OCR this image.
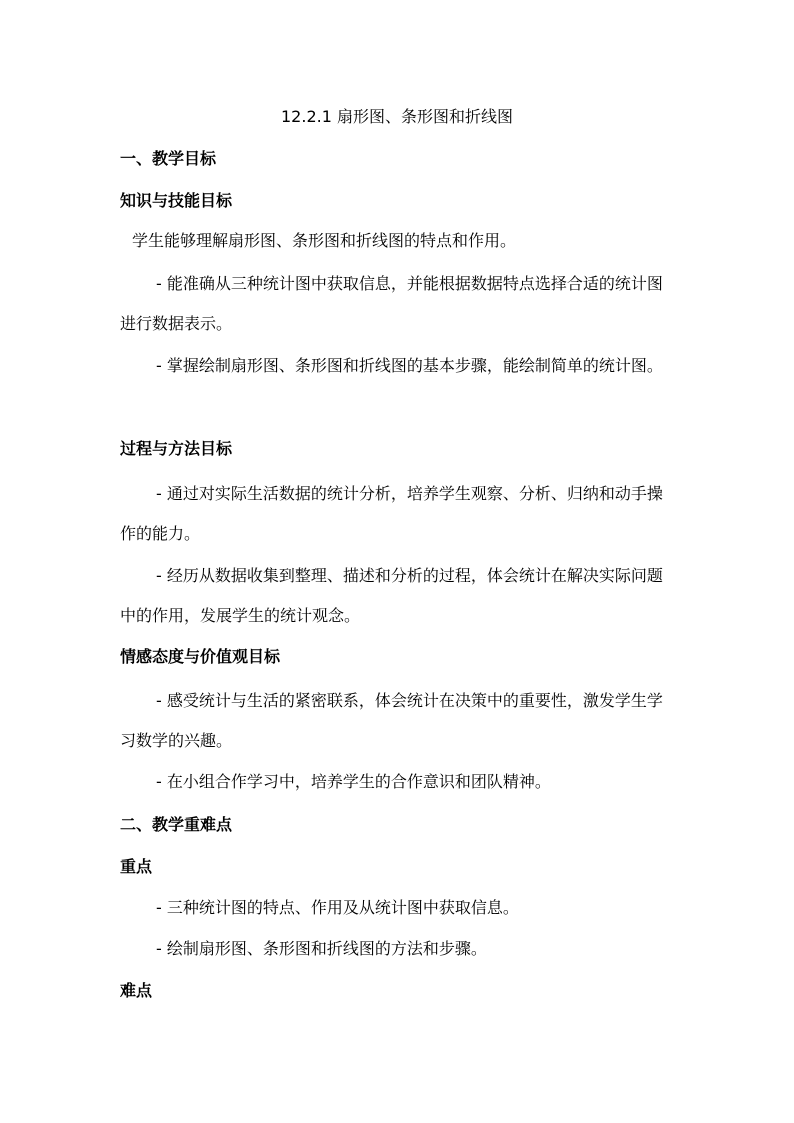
12.2.1 扇形图、条形图和折线图
一、教学目标
知识与技能目标
学生能够理解扇形图、条形图和折线图的特点和作用。
- 能准确从三种统计图中获取信息，并能根据数据特点选择合适的统计图进行数据表示。
- 掌握绘制扇形图、条形图和折线图的基本步骤，能绘制简单的统计图。
过程与方法目标
- 通过对实际生活数据的统计分析，培养学生观察、分析、归纳和动手操作的能力。
- 经历从数据收集到整理、描述和分析的过程，体会统计在解决实际问题中的作用，发展学生的统计观念。
情感态度与价值观目标
- 感受统计与生活的紧密联系，体会统计在决策中的重要性，激发学生学习数学的兴趣。
- 在小组合作学习中，培养学生的合作意识和团队精神。
二、教学重难点
重点
- 三种统计图的特点、作用及从统计图中获取信息。
- 绘制扇形图、条形图和折线图的方法和步骤。
难点
